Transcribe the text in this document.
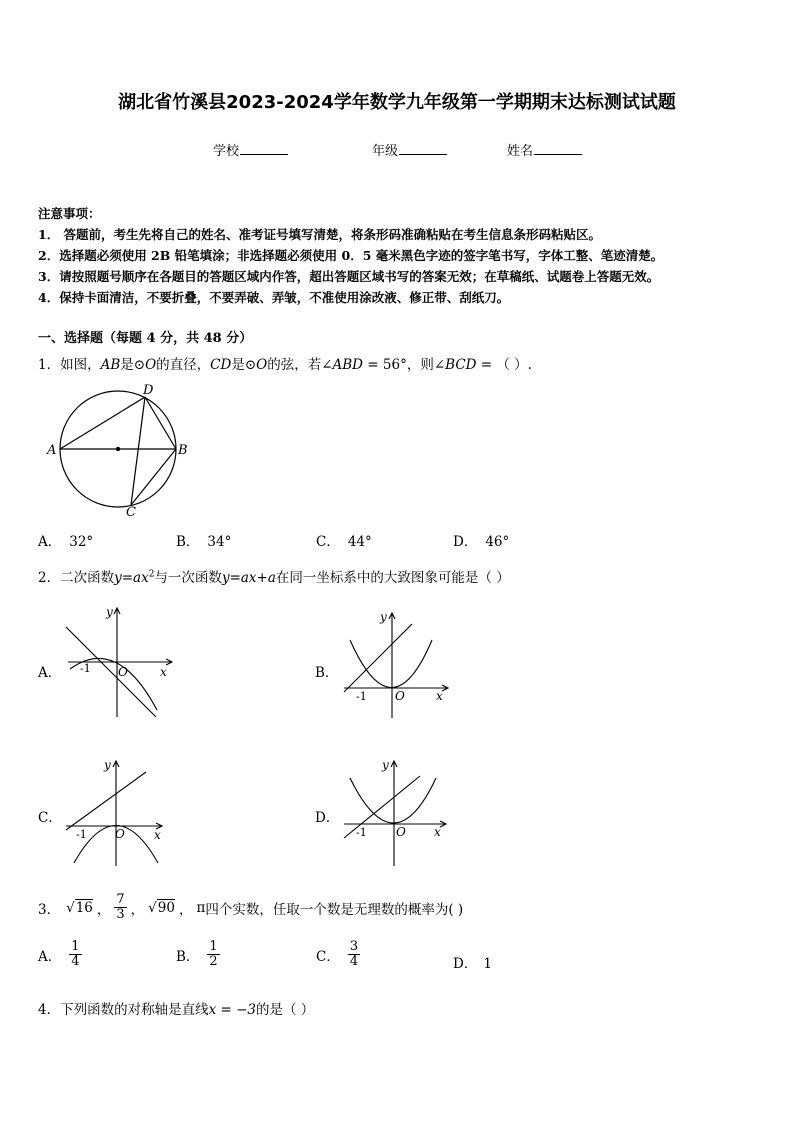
湖北省竹溪县2023-2024学年数学九年级第一学期期末达标测试试题
学校	年级	姓名
注意事项：
1． 答题前，考生先将自己的姓名、准考证号填写清楚，将条形码准确粘贴在考生信息条形码粘贴区。
2．选择题必须使用 2B 铅笔填涂；非选择题必须使用 0．5 毫米黑色字迹的签字笔书写，字体工整、笔迹清楚。
3．请按照题号顺序在各题目的答题区域内作答，超出答题区域书写的答案无效；在草稿纸、试题卷上答题无效。
4．保持卡面清洁，不要折叠，不要弄破、弄皱，不准使用涂改液、修正带、刮纸刀。
一、选择题（每题 4 分，共 48 分）
1．如图，AB是⊙O的直径，CD是⊙O的弦，若∠ABD = 56°，则∠BCD = （ ）.
A	B
C
D
A． 32°	B． 34°	C． 44°	D． 46°
2．二次函数$y=ax^2$与一次函数y=ax+a在同一坐标系中的大致图象可能是（ ）
A．
y
x
O
-1	B．
y
x
O
-1
C．
y
x
O
-1
D．
y
x
O
-1
3． √16 ， $\frac{7}{3}$ ， √90 ， π 四个实数，任取一个数是无理数的概率为( )
A． $\frac{1}{4}$	B． $\frac{1}{2}$	C． $\frac{3}{4}$	D． 1
4．下列函数的对称轴是直线x = −3的是（ ）
